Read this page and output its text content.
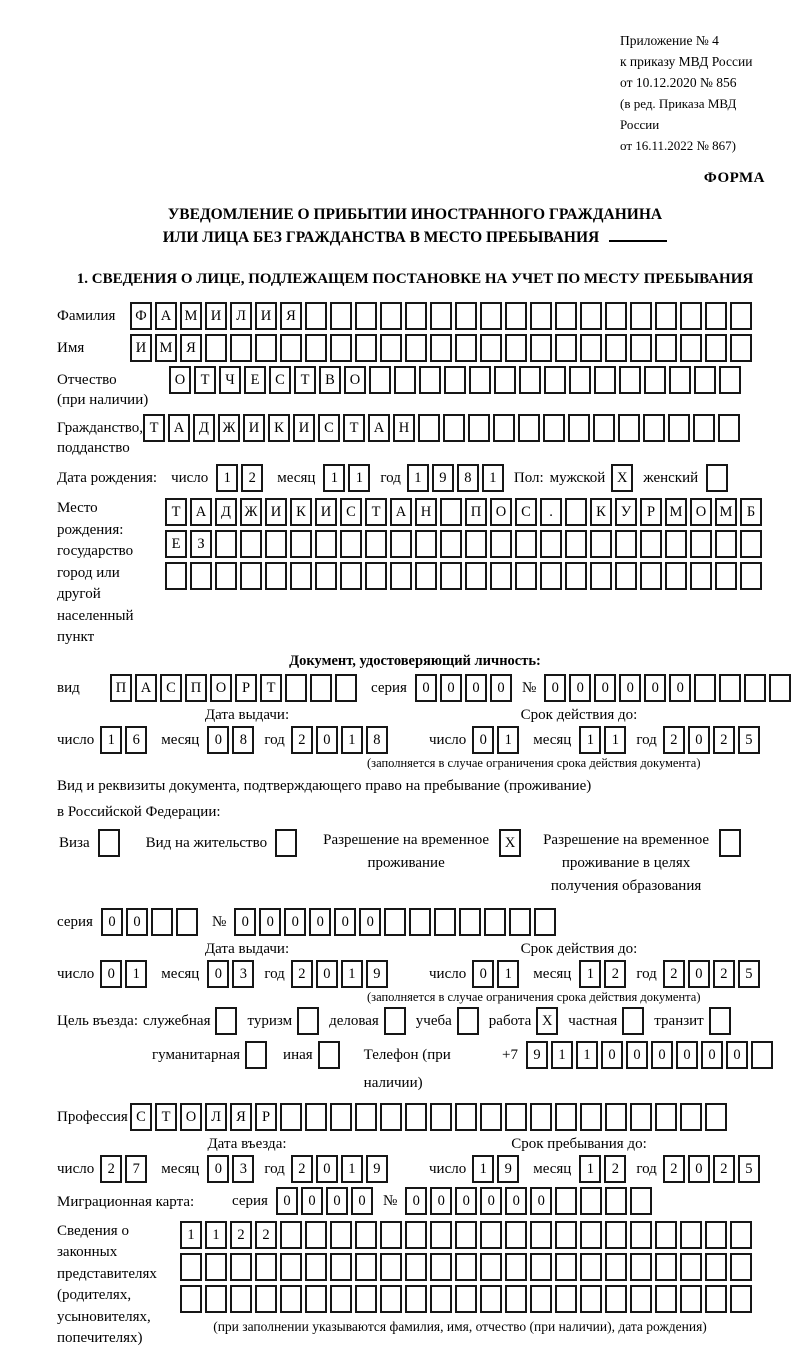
Приложение № 4
к приказу МВД России
от 10.12.2020 № 856
(в ред. Приказа МВД России
от 16.11.2022 № 867)
ФОРМА
УВЕДОМЛЕНИЕ О ПРИБЫТИИ ИНОСТРАННОГО ГРАЖДАНИНА
ИЛИ ЛИЦА БЕЗ ГРАЖДАНСТВА В МЕСТО ПРЕБЫВАНИЯ
1. СВЕДЕНИЯ О ЛИЦЕ, ПОДЛЕЖАЩЕМ ПОСТАНОВКЕ НА УЧЕТ ПО МЕСТУ ПРЕБЫВАНИЯ
Фамилия	Ф А М И	Л	И	Я
Имя	И М Я
Отчество
(при наличии)
О	Т	Ч	Е	С	Т	В	О
Гражданство,
подданство
Т	А	Д Ж И	К	И	С	Т	А	Н
Дата рождения: число	1	2	месяц	1	1	год 1	9	8	1	Пол: мужской X	женский
Место рождения:
государство
город или другой
населенный пункт
Т	А	Д Ж И	К	И	С	Т	А	Н	П	О	С	.	К	У	Р	М О М Б
Е	З
Документ, удостоверяющий личность:
вид	П	А	С	П	О	Р	Т	серия	0	0	0	0	№	0	0	0	0	0	0
Дата выдачи:
число 1	6	месяц	0	8	год 2	0	1	8
Срок действия до:
число 0	1	месяц	1	1	год 2	0	2	5
(заполняется в случае ограничения срока действия документа)
Вид и реквизиты документа, подтверждающего право на пребывание (проживание)
в Российской Федерации:
Виза	Вид на жительство	Разрешение на временное
проживание
X	Разрешение на временное
проживание в целях
получения образования
серия	0	0	№	0	0	0	0	0	0
Дата выдачи:
число 0	1	месяц	0	3	год 2	0	1	9
Срок действия до:
число 0	1	месяц	1	2	год 2	0	2	5
(заполняется в случае ограничения срока действия документа)
Цель въезда: служебная туризм деловая учеба работа X	частная транзит
гуманитарная	иная	Телефон (при наличии)
+7	9	1	1	0	0	0	0	0	0
Профессия С	Т	О	Л	Я	Р
Дата въезда:
число 2	7	месяц	0	3	год 2	0	1	9
Срок пребывания до:
число 1	9	месяц	1	2	год 2	0	2	5
Миграционная карта:	серия	0	0	0	0	№	0	0	0	0	0	0
Сведения о
законных
представителях
(родителях,
усыновителях,
попечителях)
1	1	2	2
(при заполнении указываются фамилия, имя, отчество (при наличии), дата рождения)
